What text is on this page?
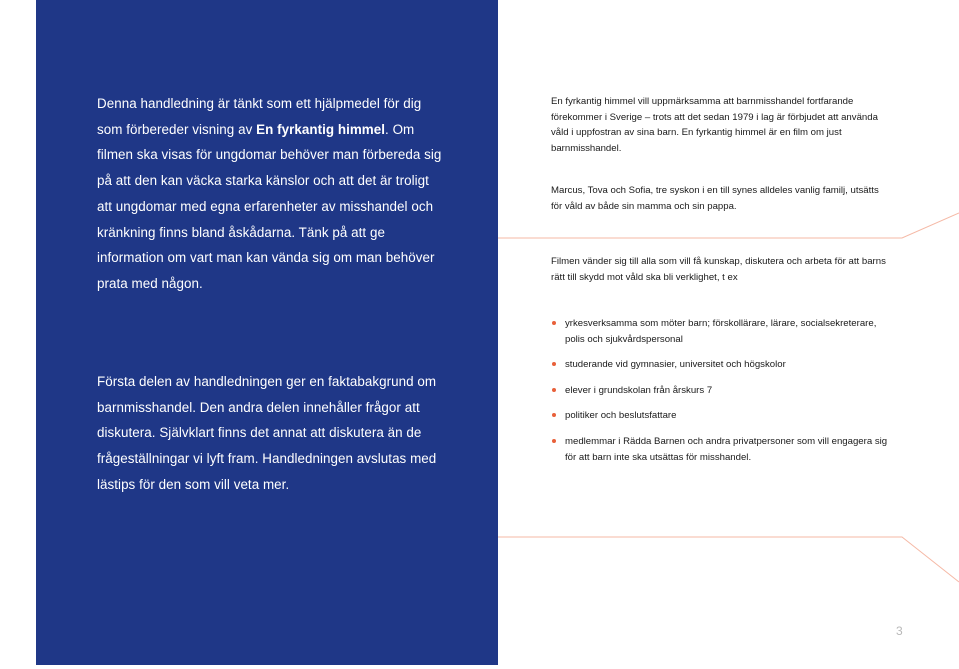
Denna handledning är tänkt som ett hjälpmedel för dig som förbereder visning av En fyrkantig himmel. Om filmen ska visas för ungdomar behöver man förbereda sig på att den kan väcka starka känslor och att det är troligt att ungdomar med egna erfarenheter av misshandel och kränkning finns bland åskådarna. Tänk på att ge information om vart man kan vända sig om man behöver prata med någon.

Första delen av handledningen ger en faktabakgrund om barnmisshandel. Den andra delen innehåller frågor att diskutera. Självklart finns det annat att diskutera än de frågeställningar vi lyft fram. Handledningen avslutas med lästips för den som vill veta mer.

En fyrkantig himmel vill uppmärksamma att barnmisshandel fortfarande förekommer i Sverige – trots att det sedan 1979 i lag är förbjudet att använda våld i uppfostran av sina barn. En fyrkantig himmel är en film om just barnmisshandel.

Marcus, Tova och Sofia, tre syskon i en till synes alldeles vanlig familj, utsätts för våld av både sin mamma och sin pappa.

Filmen vänder sig till alla som vill få kunskap, diskutera och arbeta för att barns rätt till skydd mot våld ska bli verklighet, t ex

yrkesverksamma som möter barn; förskollärare, lärare, socialsekreterare, polis och sjukvårdspersonal
studerande vid gymnasier, universitet och högskolor
elever i grundskolan från årskurs 7
politiker och beslutsfattare
medlemmar i Rädda Barnen och andra privatpersoner som vill engagera sig för att barn inte ska utsättas för misshandel.
3
